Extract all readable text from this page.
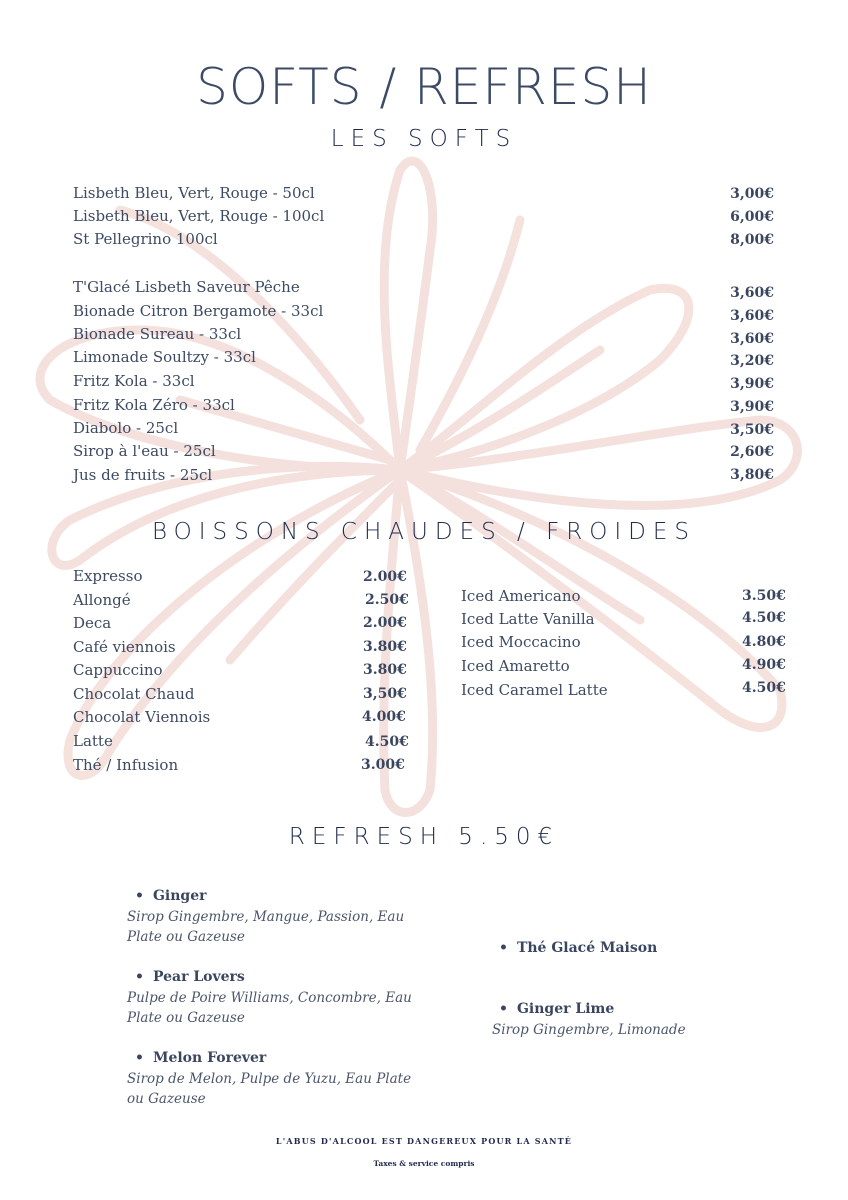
SOFTS / REFRESH
LES SOFTS
Lisbeth Bleu, Vert, Rouge - 50cl	3,00€
Lisbeth Bleu, Vert, Rouge - 100cl	6,00€
St Pellegrino 100cl	8,00€
T'Glacé Lisbeth Saveur Pêche	3,60€
Bionade Citron Bergamote - 33cl	3,60€
Bionade Sureau - 33cl	3,60€
Limonade Soultzy - 33cl	3,20€
Fritz Kola - 33cl	3,90€
Fritz Kola Zéro - 33cl	3,90€
Diabolo - 25cl	3,50€
Sirop à l'eau - 25cl	2,60€
Jus de fruits - 25cl	3,80€
BOISSONS CHAUDES / FROIDES
Expresso	2.00€
Allongé	2.50€
Deca	2.00€
Café viennois	3.80€
Cappuccino	3.80€
Chocolat Chaud	3,50€
Chocolat Viennois	4.00€
Latte	4.50€
Thé / Infusion	3.00€
Iced Americano	3.50€
Iced Latte Vanilla	4.50€
Iced Moccacino	4.80€
Iced Amaretto	4.90€
Iced Caramel Latte	4.50€
REFRESH 5.50€
• Ginger
Sirop Gingembre, Mangue, Passion, Eau Plate ou Gazeuse
• Pear Lovers
Pulpe de Poire Williams, Concombre, Eau Plate ou Gazeuse
• Melon Forever
Sirop de Melon, Pulpe de Yuzu, Eau Plate ou Gazeuse
• Thé Glacé Maison
• Ginger Lime
Sirop Gingembre, Limonade
L'ABUS D'ALCOOL EST DANGEREUX POUR LA SANTÉ
Taxes & service compris
